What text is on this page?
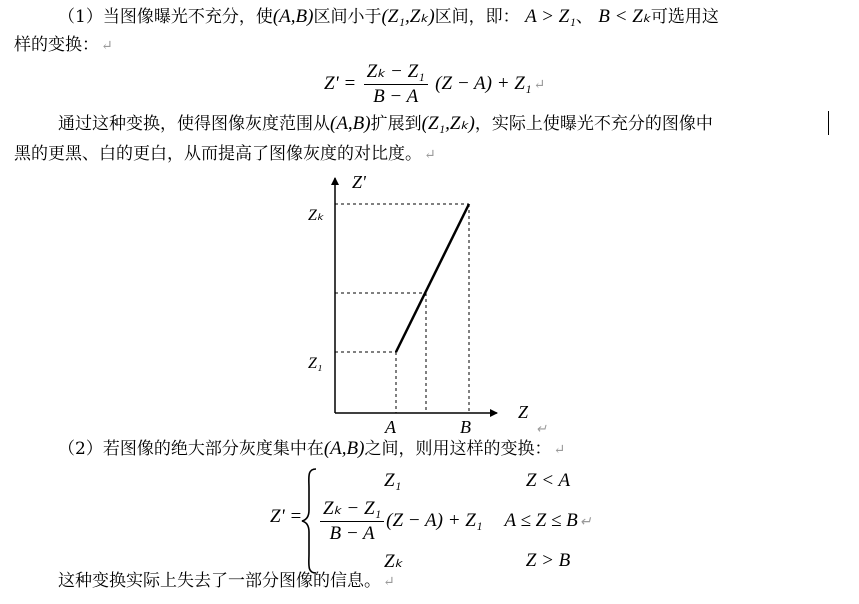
（1）当图像曝光不充分，使(A,B)区间小于(Z₁,Zₖ)区间，即： A > Z₁、 B < Zₖ可选用这
样的变换： ↵
$Z' = \frac{\text{Zₖ − Z₁}}{B - A} (Z - A) + Z_1$ ↵
通过这种变换，使得图像灰度范围从(A,B)扩展到(Z₁,Zₖ)，实际上使曝光不充分的图像中
黑的更黑、白的更白，从而提高了图像灰度的对比度。 ↵
Z'
Z
Zₖ
Z₁
A	B	↵
（2）若图像的绝大部分灰度集中在(A,B)之间，则用这样的变换： ↵
Z' =
Z₁	Z < A

$\frac{\text{Zₖ − Z₁}}{B - A} (Z - A) + Z_1$	A ≤ Z ≤ B ↵
Zₖ	Z > B
这种变换实际上失去了一部分图像的信息。 ↵
